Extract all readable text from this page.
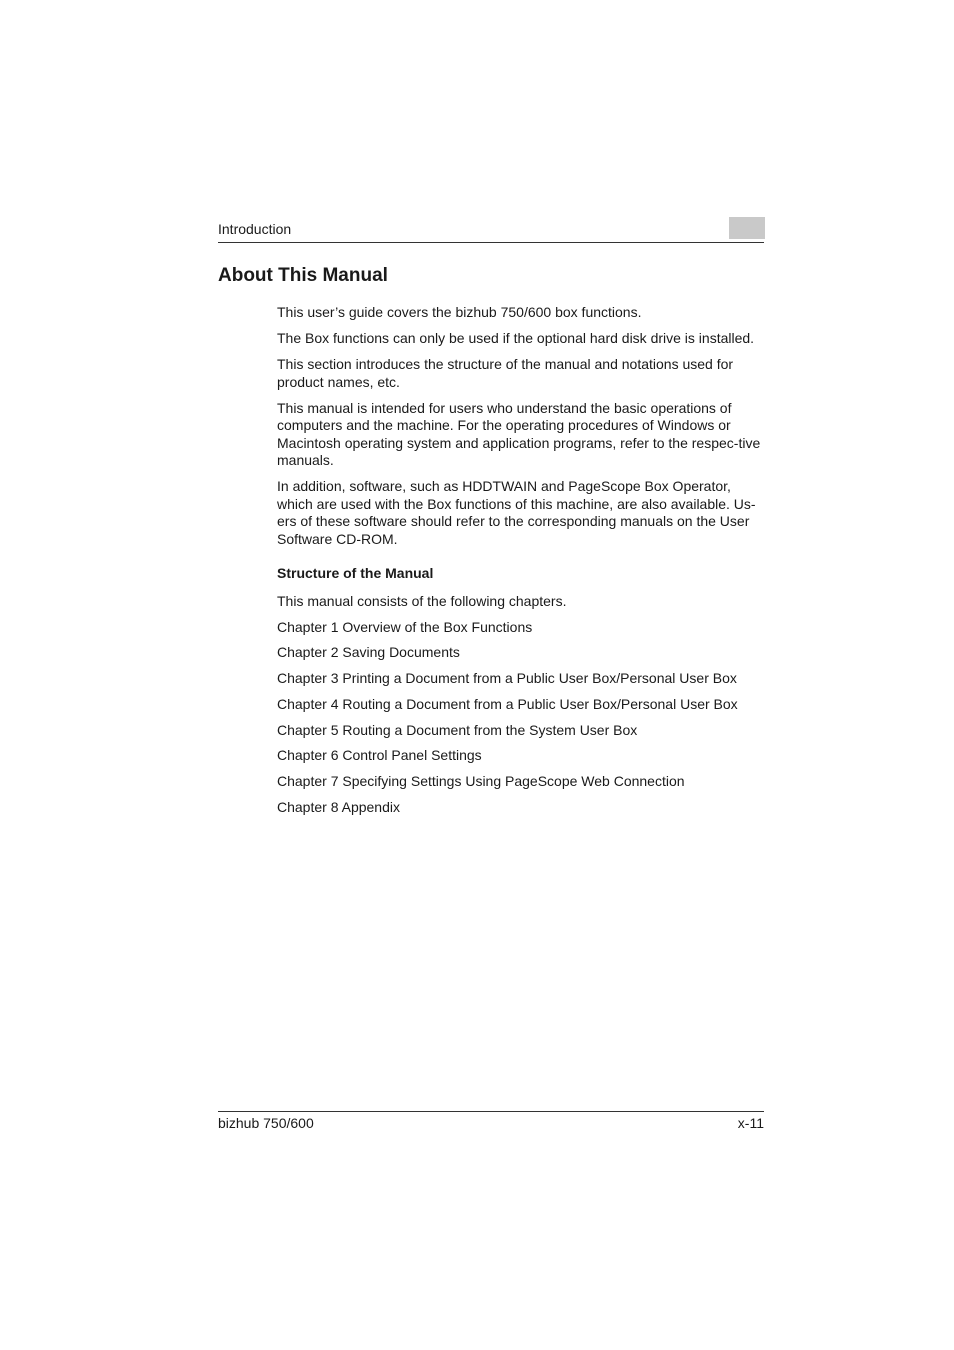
Introduction
About This Manual

This user’s guide covers the bizhub 750/600 box functions.

The Box functions can only be used if the optional hard disk drive is installed.

This section introduces the structure of the manual and notations used for product names, etc.

This manual is intended for users who understand the basic operations of computers and the machine. For the operating procedures of Windows or Macintosh operating system and application programs, refer to the respec-tive manuals.

In addition, software, such as HDDTWAIN and PageScope Box Operator, which are used with the Box functions of this machine, are also available. Us-ers of these software should refer to the corresponding manuals on the User Software CD-ROM.

Structure of the Manual

This manual consists of the following chapters.

Chapter 1 Overview of the Box Functions
Chapter 2 Saving Documents
Chapter 3 Printing a Document from a Public User Box/Personal User Box
Chapter 4 Routing a Document from a Public User Box/Personal User Box
Chapter 5 Routing a Document from the System User Box
Chapter 6 Control Panel Settings
Chapter 7 Specifying Settings Using PageScope Web Connection
Chapter 8 Appendix
bizhub 750/600	x-11
